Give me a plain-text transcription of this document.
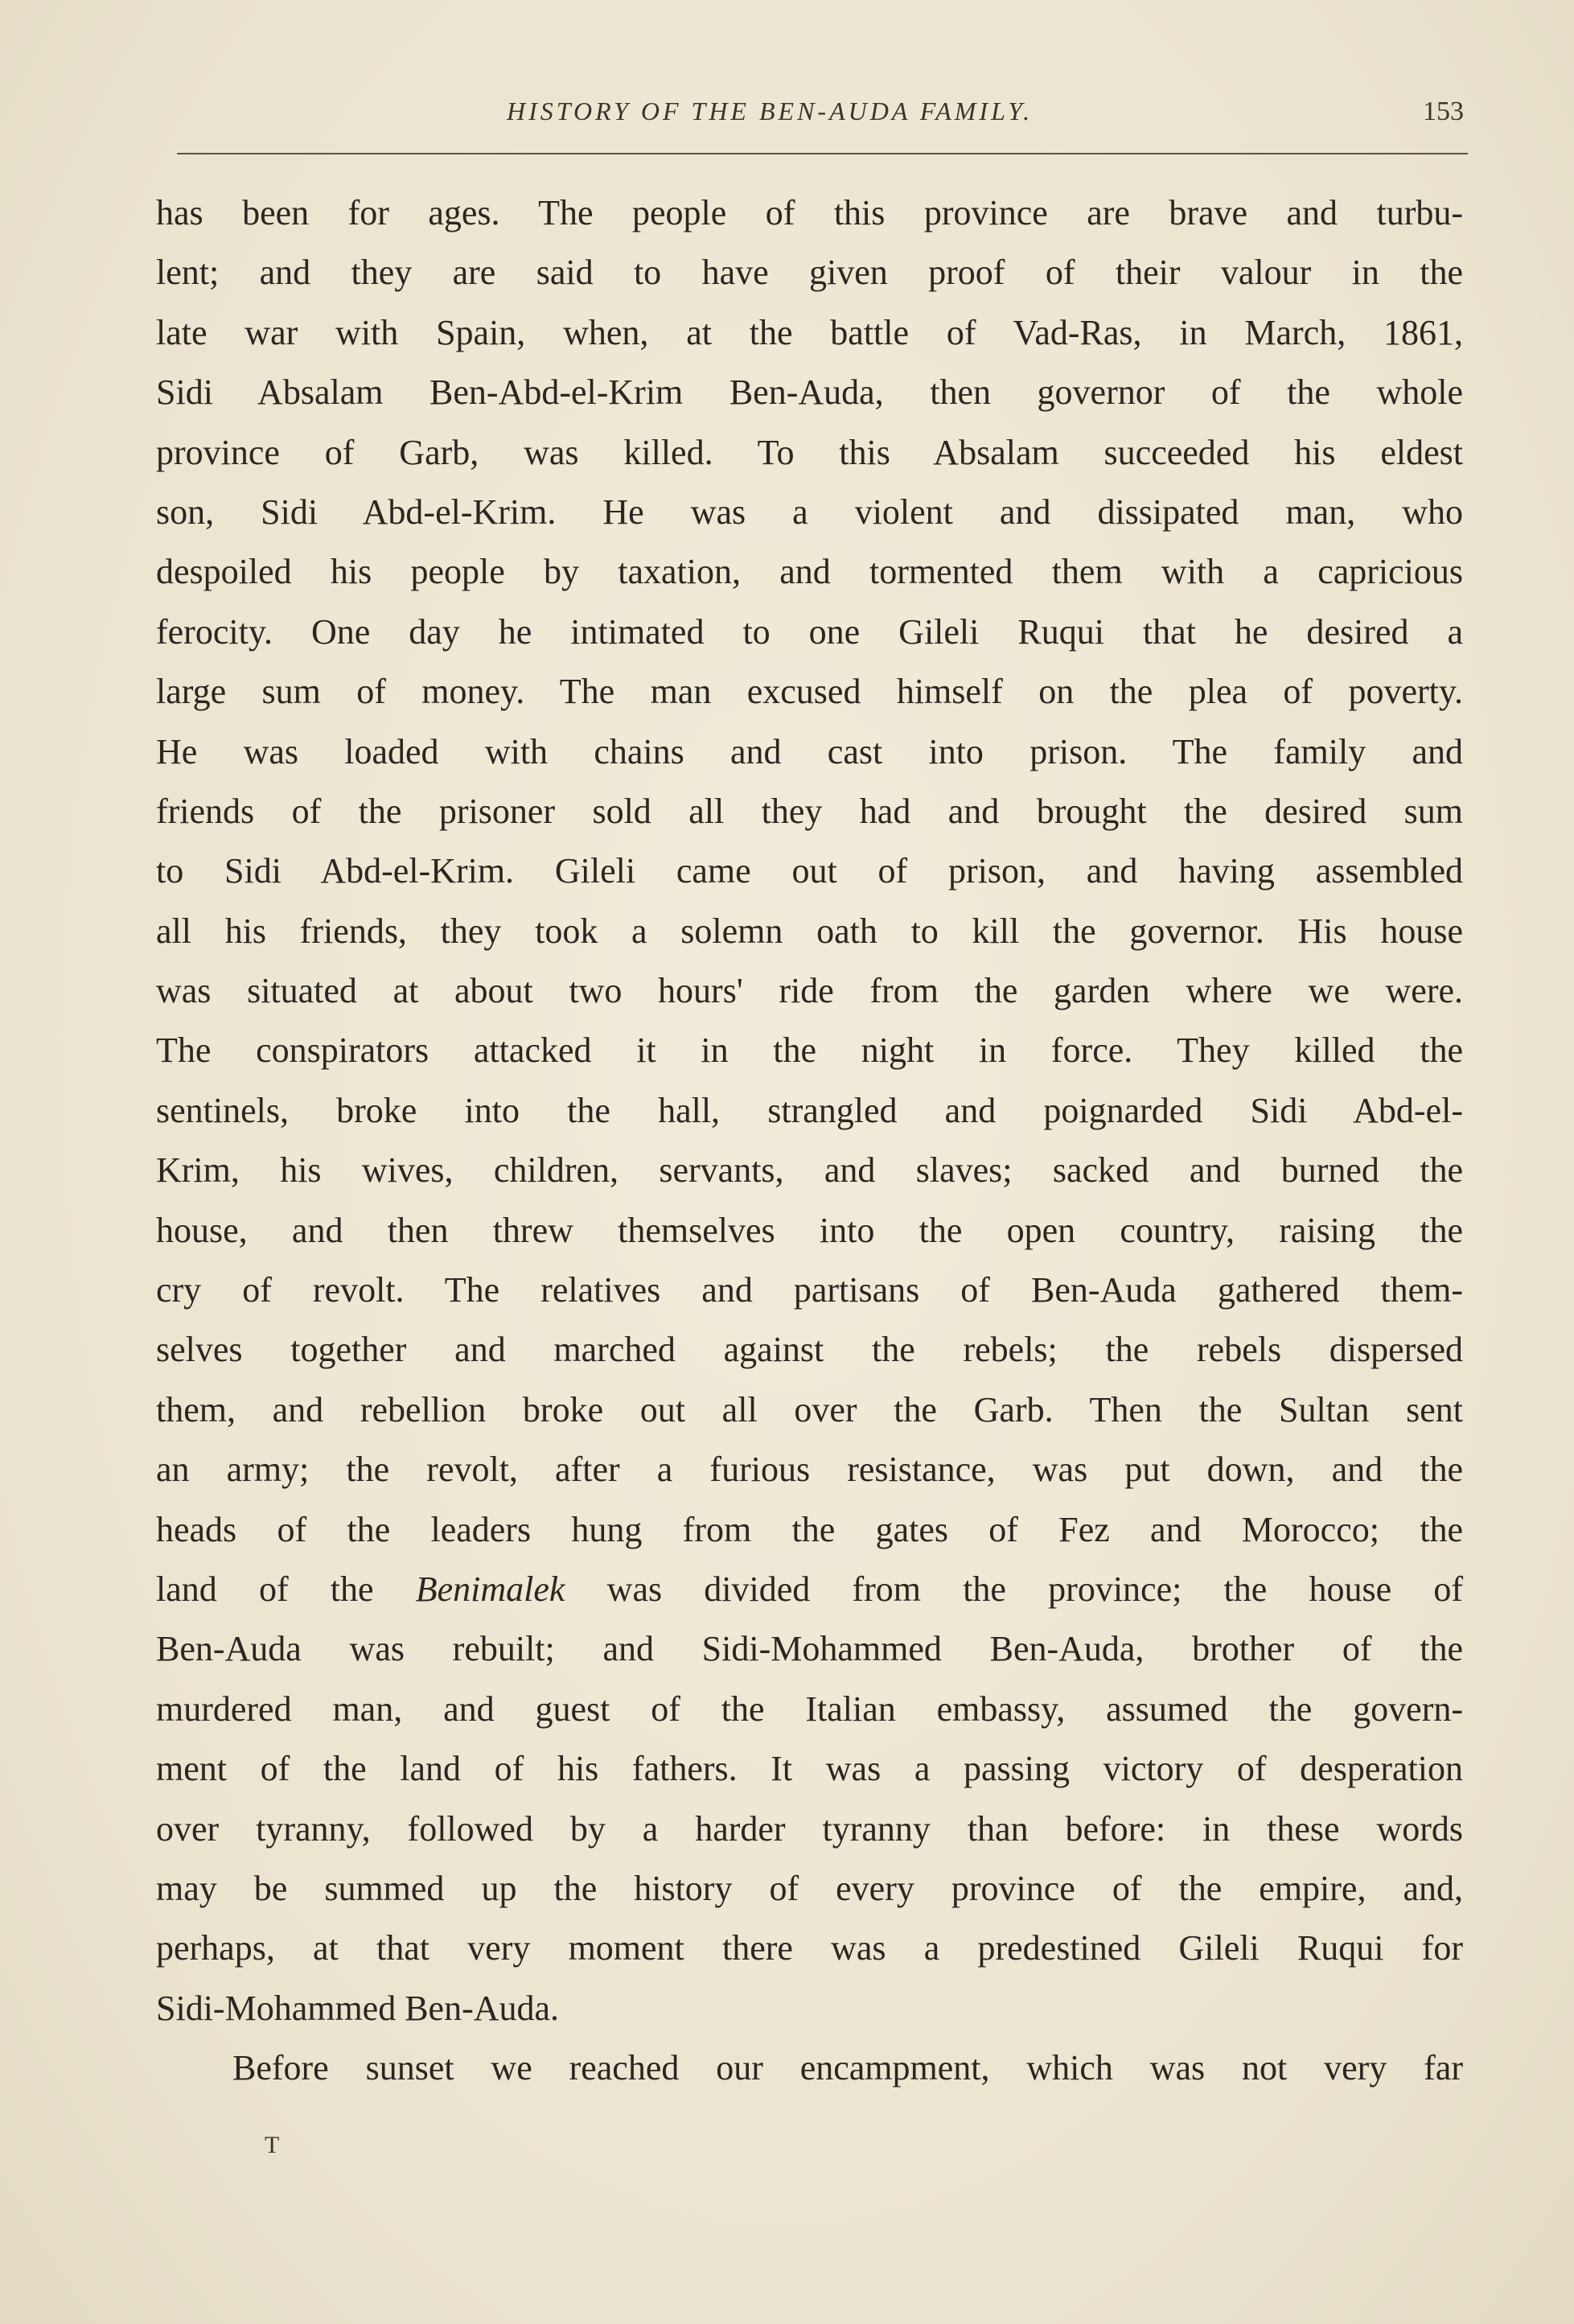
HISTORY OF THE BEN-AUDA FAMILY.	153
has been for ages. The people of this province are brave and turbu-
lent; and they are said to have given proof of their valour in the
late war with Spain, when, at the battle of Vad-Ras, in March, 1861,
Sidi Absalam Ben-Abd-el-Krim Ben-Auda, then governor of the whole
province of Garb, was killed. To this Absalam succeeded his eldest
son, Sidi Abd-el-Krim. He was a violent and dissipated man, who
despoiled his people by taxation, and tormented them with a capricious
ferocity. One day he intimated to one Gileli Ruqui that he desired a
large sum of money. The man excused himself on the plea of poverty.
He was loaded with chains and cast into prison. The family and
friends of the prisoner sold all they had and brought the desired sum
to Sidi Abd-el-Krim. Gileli came out of prison, and having assembled
all his friends, they took a solemn oath to kill the governor. His house
was situated at about two hours' ride from the garden where we were.
The conspirators attacked it in the night in force. They killed the
sentinels, broke into the hall, strangled and poignarded Sidi Abd-el-
Krim, his wives, children, servants, and slaves; sacked and burned the
house, and then threw themselves into the open country, raising the
cry of revolt. The relatives and partisans of Ben-Auda gathered them-
selves together and marched against the rebels; the rebels dispersed
them, and rebellion broke out all over the Garb. Then the Sultan sent
an army; the revolt, after a furious resistance, was put down, and the
heads of the leaders hung from the gates of Fez and Morocco; the
land of the Benimalek was divided from the province; the house of
Ben-Auda was rebuilt; and Sidi-Mohammed Ben-Auda, brother of the
murdered man, and guest of the Italian embassy, assumed the govern-
ment of the land of his fathers. It was a passing victory of desperation
over tyranny, followed by a harder tyranny than before: in these words
may be summed up the history of every province of the empire, and,
perhaps, at that very moment there was a predestined Gileli Ruqui for
Sidi-Mohammed Ben-Auda.
Before sunset we reached our encampment, which was not very far
T
